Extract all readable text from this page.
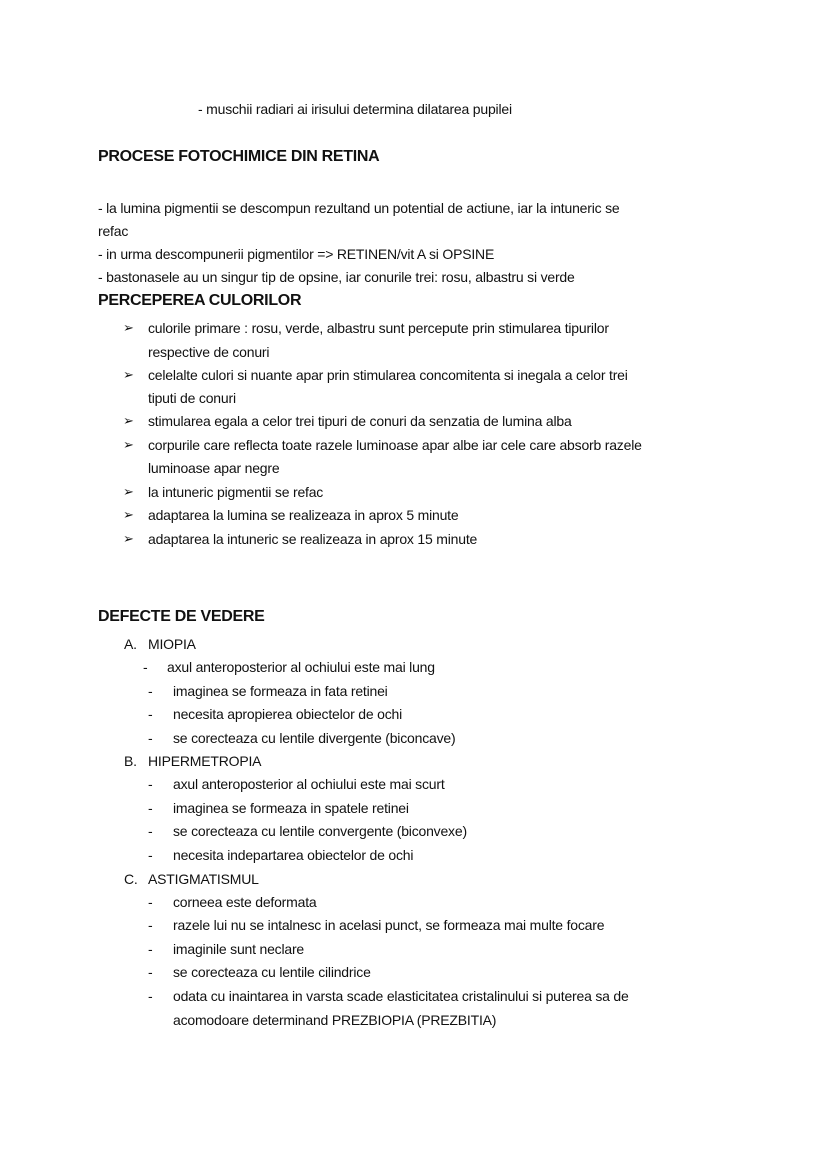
- muschii radiari ai irisului determina dilatarea pupilei
PROCESE FOTOCHIMICE DIN RETINA
- la lumina pigmentii se descompun rezultand un potential de actiune, iar la intuneric se
refac
- in urma descompunerii pigmentilor => RETINEN/vit A si OPSINE
- bastonasele au un singur tip de opsine, iar conurile trei: rosu, albastru si verde
PERCEPEREA CULORILOR
DEFECTE DE VEDERE
➢ culorile primare : rosu, verde, albastru sunt percepute prin stimularea tipurilor
respective de conuri
➢ celelalte culori si nuante apar prin stimularea concomitenta si inegala a celor trei
tiputi de conuri
➢ stimularea egala a celor trei tipuri de conuri da senzatia de lumina alba
➢ corpurile care reflecta toate razele luminoase apar albe iar cele care absorb razele
luminoase apar negre
➢ la intuneric pigmentii se refac
➢ adaptarea la lumina se realizeaza in aprox 5 minute
➢ adaptarea la intuneric se realizeaza in aprox 15 minute
A. MIOPIA
- axul anteroposterior al ochiului este mai lung
- imaginea se formeaza in fata retinei
- necesita apropierea obiectelor de ochi
- se corecteaza cu lentile divergente (biconcave)
B. HIPERMETROPIA
- axul anteroposterior al ochiului este mai scurt
- imaginea se formeaza in spatele retinei
- se corecteaza cu lentile convergente (biconvexe)
- necesita indepartarea obiectelor de ochi
C. ASTIGMATISMUL
- corneea este deformata
- razele lui nu se intalnesc in acelasi punct, se formeaza mai multe focare
- imaginile sunt neclare
- se corecteaza cu lentile cilindrice
- odata cu inaintarea in varsta scade elasticitatea cristalinului si puterea sa de
acomodoare determinand PREZBIOPIA (PREZBITIA)
